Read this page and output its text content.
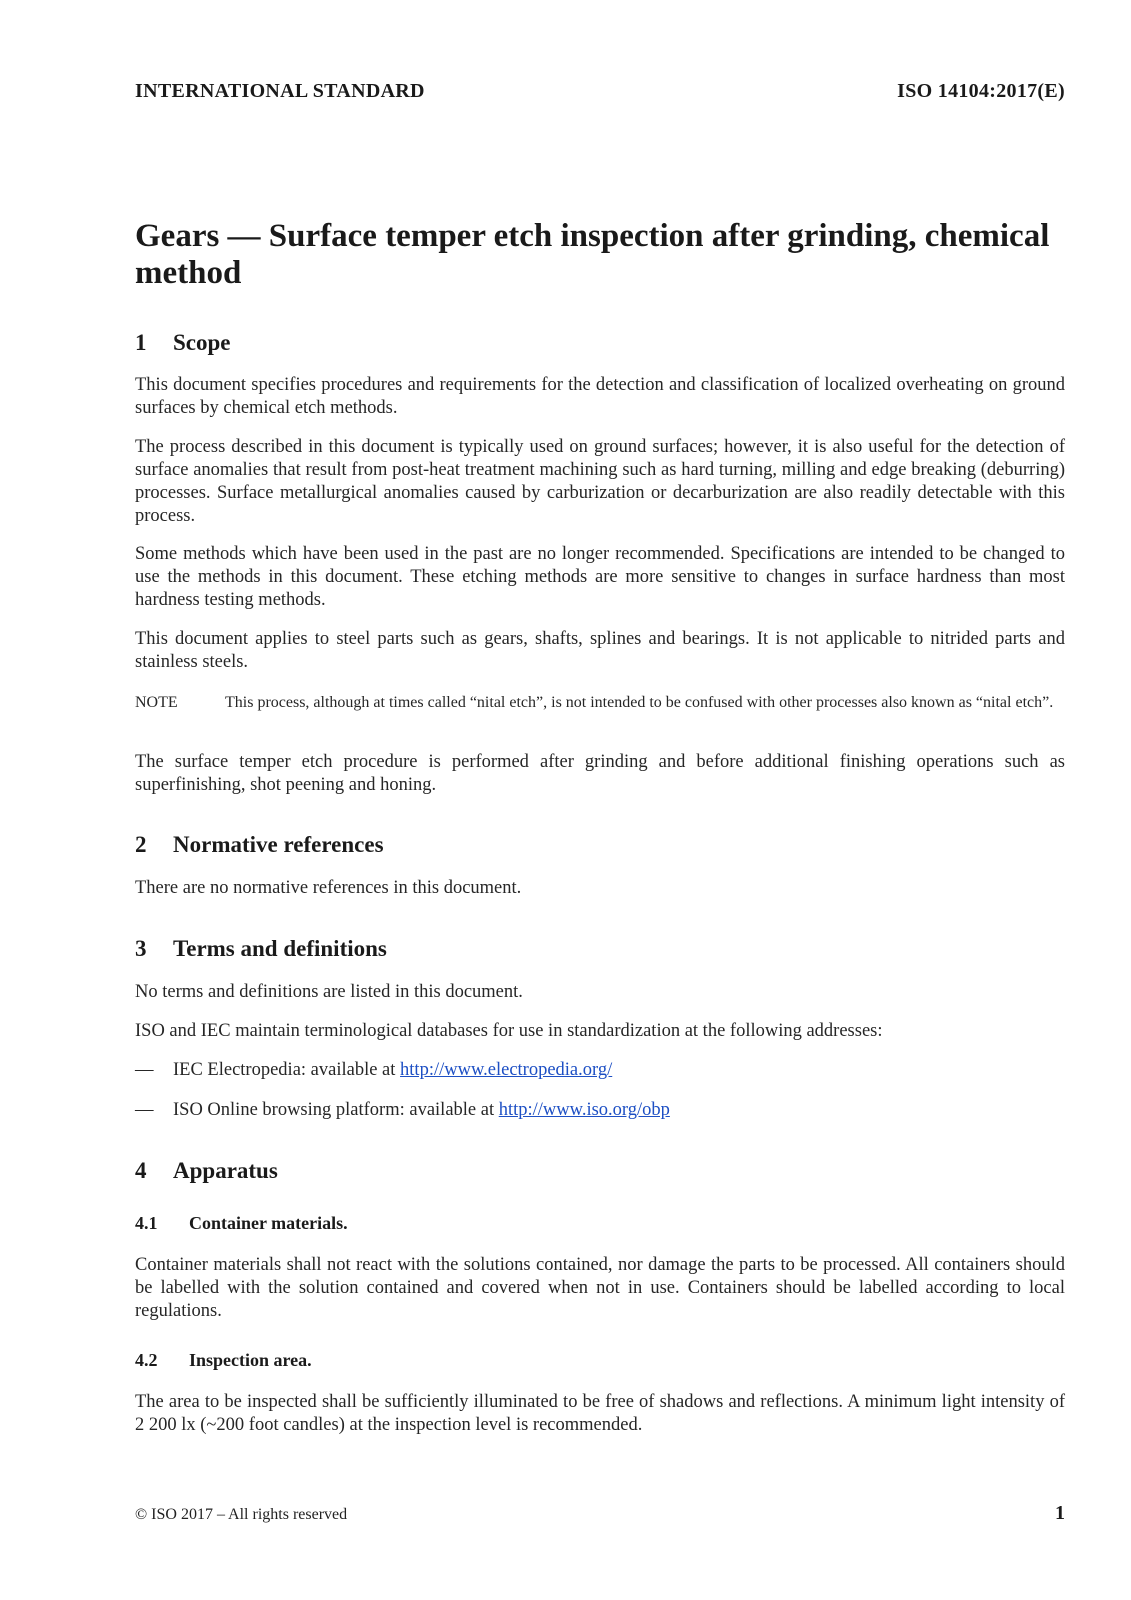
INTERNATIONAL STANDARD	ISO 14104:2017(E)
Gears — Surface temper etch inspection after grinding, chemical method
1 Scope

This document specifies procedures and requirements for the detection and classification of localized overheating on ground surfaces by chemical etch methods.

The process described in this document is typically used on ground surfaces; however, it is also useful for the detection of surface anomalies that result from post-heat treatment machining such as hard turning, milling and edge breaking (deburring) processes. Surface metallurgical anomalies caused by carburization or decarburization are also readily detectable with this process.

Some methods which have been used in the past are no longer recommended. Specifications are intended to be changed to use the methods in this document. These etching methods are more sensitive to changes in surface hardness than most hardness testing methods.

This document applies to steel parts such as gears, shafts, splines and bearings. It is not applicable to nitrided parts and stainless steels.

NOTE	This process, although at times called “nital etch”, is not intended to be confused with other processes also known as “nital etch”.

The surface temper etch procedure is performed after grinding and before additional finishing operations such as superfinishing, shot peening and honing.

2 Normative references

There are no normative references in this document.

3 Terms and definitions

No terms and definitions are listed in this document.

ISO and IEC maintain terminological databases for use in standardization at the following addresses:

— IEC Electropedia: available at http://www.electropedia.org/
— ISO Online browsing platform: available at http://www.iso.org/obp
4 Apparatus
4.1 Container materials.

Container materials shall not react with the solutions contained, nor damage the parts to be processed. All containers should be labelled with the solution contained and covered when not in use. Containers should be labelled according to local regulations.

4.2 Inspection area.

The area to be inspected shall be sufficiently illuminated to be free of shadows and reflections. A minimum light intensity of 2 200 lx (~200 foot candles) at the inspection level is recommended.

© ISO 2017 – All rights reserved	1
